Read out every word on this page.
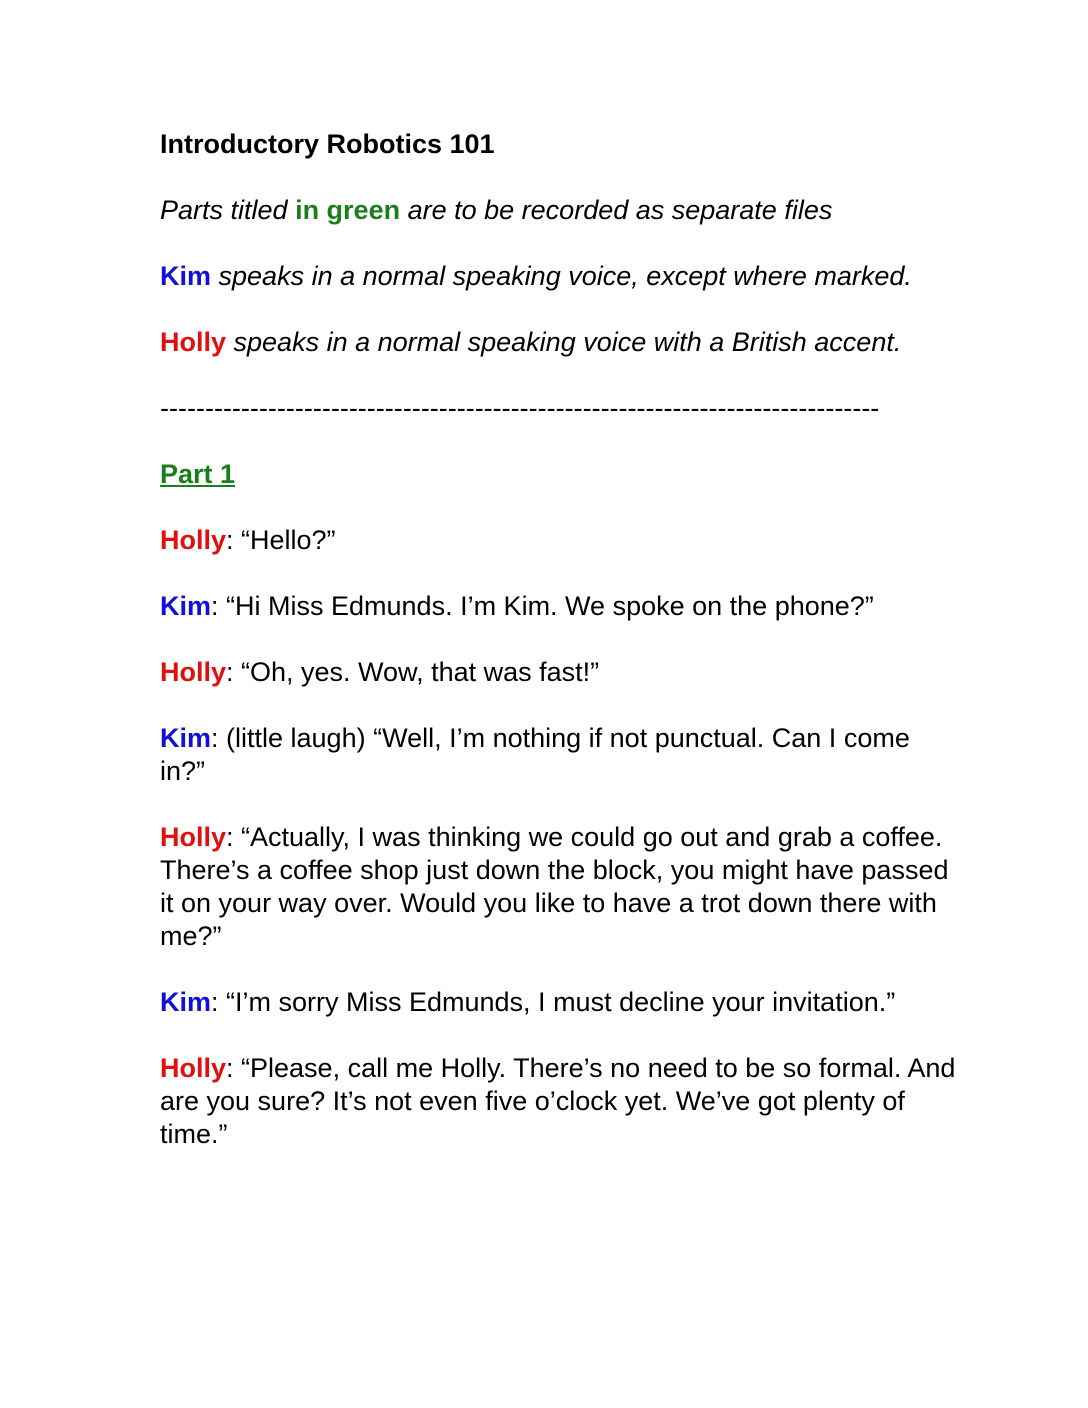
Introductory Robotics 101

Parts titled in green are to be recorded as separate files

Kim speaks in a normal speaking voice, except where marked.

Holly speaks in a normal speaking voice with a British accent.

--------------------------------------------------------------------------------

Part 1

Holly: “Hello?”

Kim: “Hi Miss Edmunds. I’m Kim. We spoke on the phone?”

Holly: “Oh, yes. Wow, that was fast!”

Kim: (little laugh) “Well, I’m nothing if not punctual. Can I come in?”

Holly: “Actually, I was thinking we could go out and grab a coffee. There’s a coffee shop just down the block, you might have passed it on your way over. Would you like to have a trot down there with me?”

Kim: “I’m sorry Miss Edmunds, I must decline your invitation.”

Holly: “Please, call me Holly. There’s no need to be so formal. And are you sure? It’s not even five o’clock yet. We’ve got plenty of time.”
